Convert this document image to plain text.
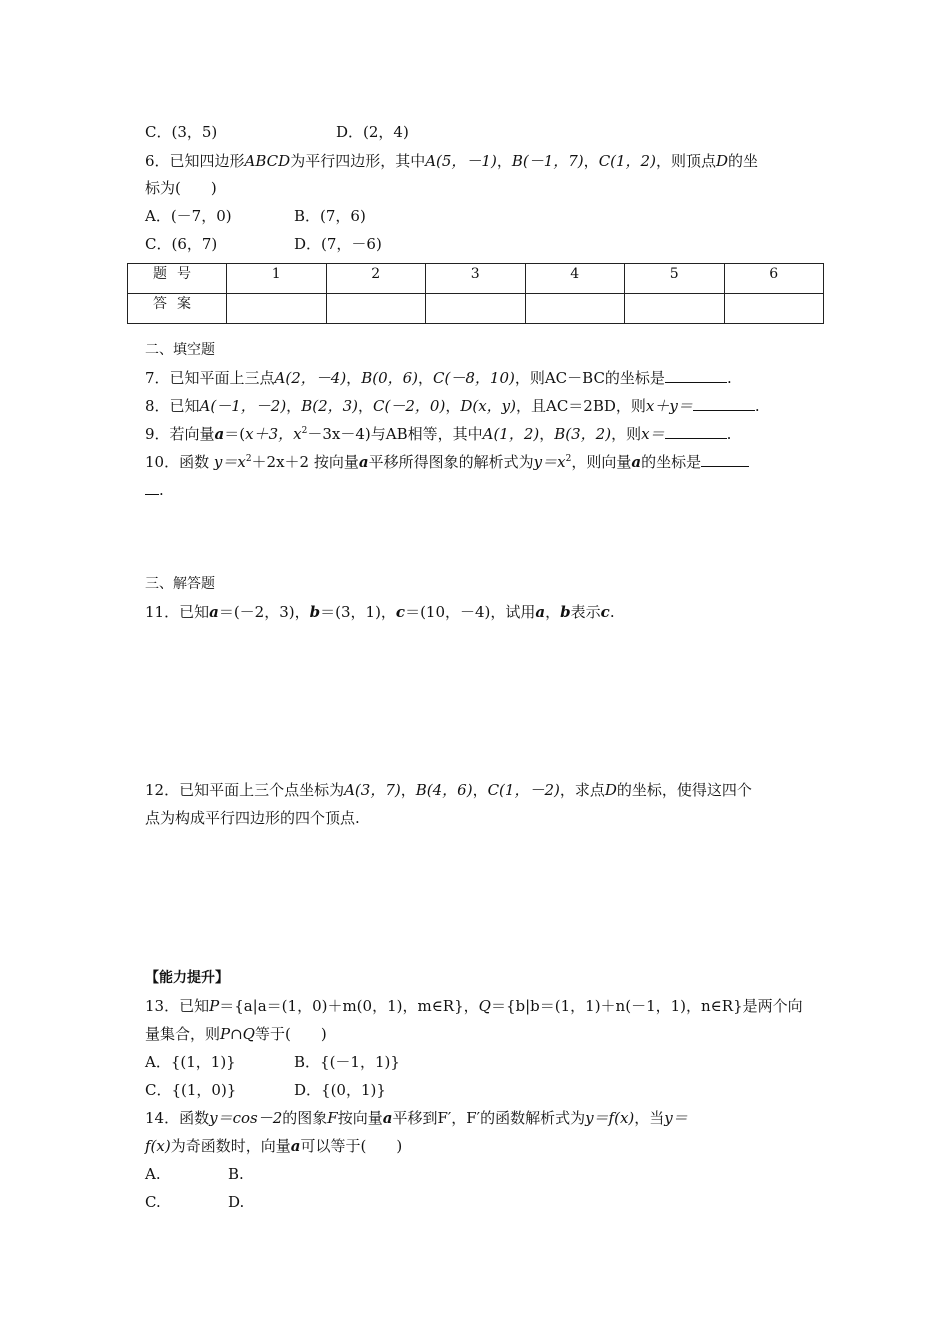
C．(3，5)	D．(2，4)
6．已知四边形ABCD为平行四边形，其中A(5，－1)，B(－1，7)，C(1，2)，则顶点D的坐
标为(　　)
A．(－7，0)	B．(7，6)
C．(6，7)	D．(7，－6)
题号	1	2	3	4	5	6
答案						
二、填空题
7．已知平面上三点A(2，－4)，B(0，6)，C(－8，10)，则AC－BC的坐标是	.
8．已知A(－1，－2)，B(2，3)，C(－2，0)，D(x，y)，且AC＝2BD，则x＋y＝	.
9．若向量a＝(x＋3，$x^2-3x-4$)与AB相等，其中A(1，2)，B(3，2)，则x＝	.
10．函数 $y=x^2+2x+2$ 按向量a平移所得图象的解析式为$y=x^2$，则向量a的坐标是
.
三、解答题
11．已知a＝(－2，3)，b＝(3，1)，c＝(10，－4)，试用a，b表示c.
12．已知平面上三个点坐标为A(3，7)，B(4，6)，C(1，－2)，求点D的坐标，使得这四个
点为构成平行四边形的四个顶点.
【能力提升】
13．已知P＝{a|a＝(1，0)＋m(0，1)，m∈R}，Q＝{b|b＝(1，1)＋n(－1，1)，n∈R}是两个向
量集合，则P∩Q等于(　　)
A．{(1，1)}	B．{(－1，1)}
C．{(1，0)}	D．{(0，1)}
14．函数y＝cos－2的图象F按向量a平移到F′，F′的函数解析式为y＝f(x)，当y＝
f(x)为奇函数时，向量a可以等于(　　)
A.	B.
C.	D.
